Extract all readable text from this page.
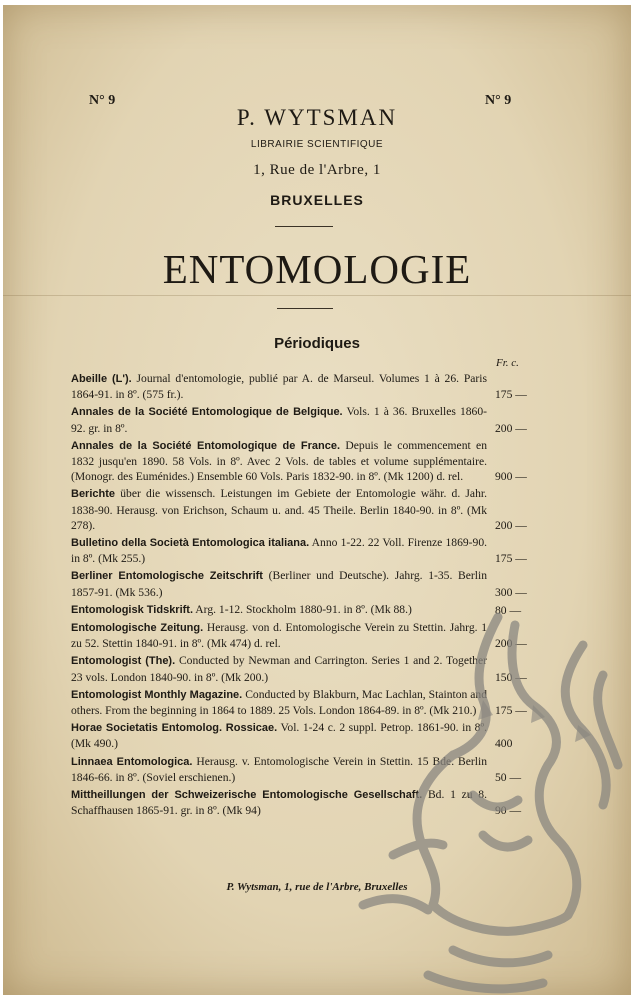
N° 9	N° 9
P. WYTSMAN
LIBRAIRIE SCIENTIFIQUE
1, Rue de l'Arbre, 1
BRUXELLES
ENTOMOLOGIE
Périodiques
Fr. c.
Abeille (L'). Journal d'entomologie, publié par A. de Marseul. Volumes 1 à 26. Paris 1864-91. in 8º. (575 fr.).	175 —
Annales de la Société Entomologique de Belgique. Vols. 1 à 36. Bruxelles 1860-92. gr. in 8º.	200 —
Annales de la Société Entomologique de France. Depuis le commencement en 1832 jusqu'en 1890. 58 Vols. in 8º. Avec 2 Vols. de tables et volume supplémentaire. (Monogr. des Euménides.) Ensemble 60 Vols. Paris 1832-90. in 8º. (Mk 1200) d. rel.	900 —
Berichte über die wissensch. Leistungen im Gebiete der Entomologie währ. d. Jahr. 1838-90. Herausg. von Erichson, Schaum u. and. 45 Theile. Berlin 1840-90. in 8º. (Mk 278).	200 —
Bulletino della Società Entomologica italiana. Anno 1-22. 22 Voll. Firenze 1869-90. in 8º. (Mk 255.)	175 —
Berliner Entomologische Zeitschrift (Berliner und Deutsche). Jahrg. 1-35. Berlin 1857-91. (Mk 536.)	300 —
Entomologisk Tidskrift. Arg. 1-12. Stockholm 1880-91. in 8º. (Mk 88.)	80 —
Entomologische Zeitung. Herausg. von d. Entomologische Verein zu Stettin. Jahrg. 1 zu 52. Stettin 1840-91. in 8º. (Mk 474) d. rel.	200 —
Entomologist (The). Conducted by Newman and Carrington. Series 1 and 2. Together 23 vols. London 1840-90. in 8º. (Mk 200.)	150 —
Entomologist Monthly Magazine. Conducted by Blakburn, Mac Lachlan, Stainton and others. From the beginning in 1864 to 1889. 25 Vols. London 1864-89. in 8º. (Mk 210.)	175 —
Horae Societatis Entomolog. Rossicae. Vol. 1-24 c. 2 suppl. Petrop. 1861-90. in 8º. (Mk 490.)	400
Linnaea Entomologica. Herausg. v. Entomologische Verein in Stettin. 15 Bde. Berlin 1846-66. in 8º. (Soviel erschienen.)	50 —
Mittheillungen der Schweizerische Entomologische Gesellschaft. Bd. 1 zu 8. Schaffhausen 1865-91. gr. in 8º. (Mk 94)	90 —
P. Wytsman, 1, rue de l'Arbre, Bruxelles
